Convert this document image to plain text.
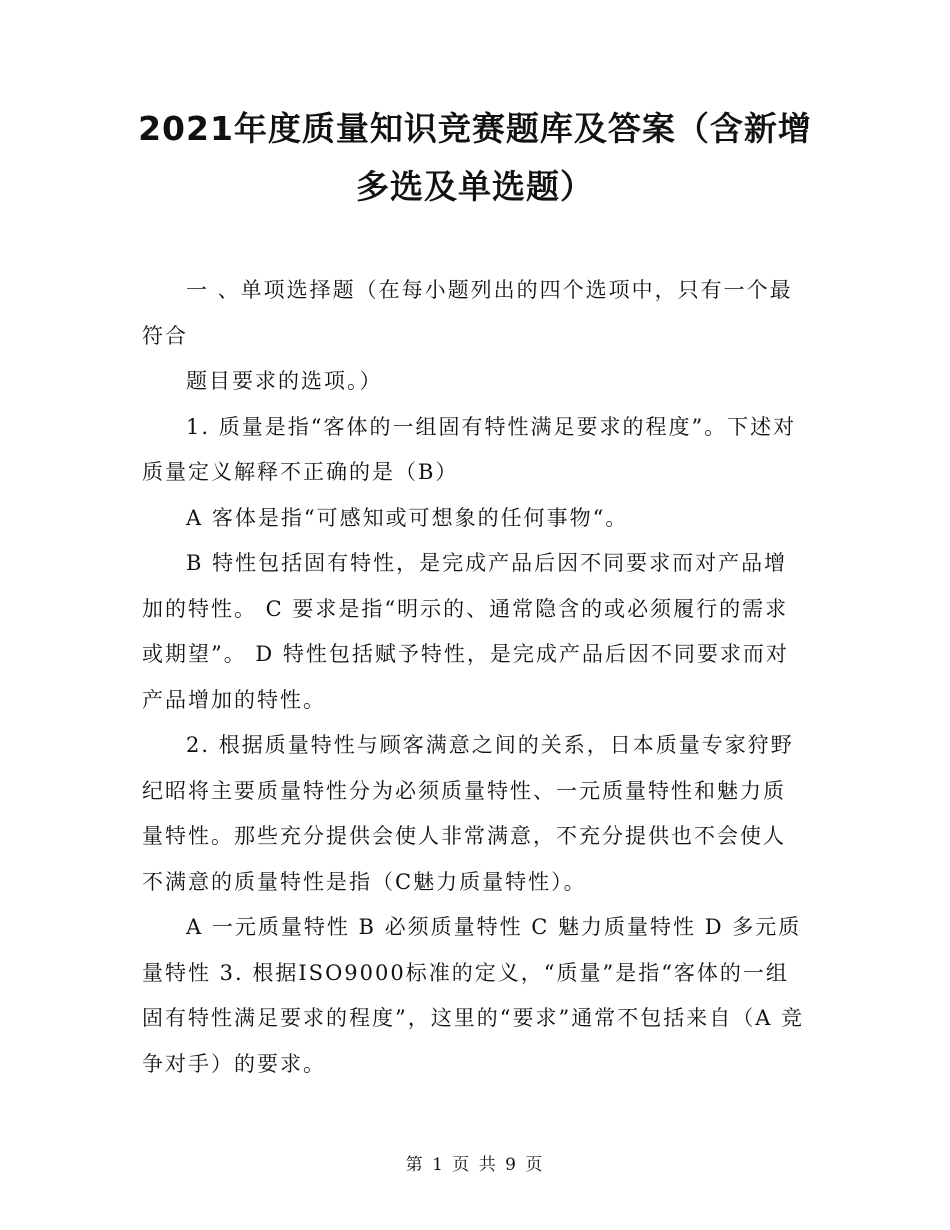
2021年度质量知识竞赛题库及答案（含新增
多选及单选题）

一 、单项选择题（在每小题列出的四个选项中，只有一个最符合

题目要求的选项。）

1. 质量是指“客体的一组固有特性满足要求的程度”。下述对质量定义解释不正确的是（B）

A 客体是指“可感知或可想象的任何事物“。

B 特性包括固有特性，是完成产品后因不同要求而对产品增加的特性。 C 要求是指“明示的、通常隐含的或必须履行的需求或期望”。 D 特性包括赋予特性，是完成产品后因不同要求而对产品增加的特性。

2. 根据质量特性与顾客满意之间的关系，日本质量专家狩野纪昭将主要质量特性分为必须质量特性、一元质量特性和魅力质量特性。那些充分提供会使人非常满意，不充分提供也不会使人不满意的质量特性是指（C魅力质量特性）。

A 一元质量特性 B 必须质量特性 C 魅力质量特性 D 多元质量特性 3. 根据ISO9000标准的定义，“质量”是指“客体的一组固有特性满足要求的程度”，这里的“要求”通常不包括来自（A 竞争对手）的要求。

第 1 页 共 9 页
